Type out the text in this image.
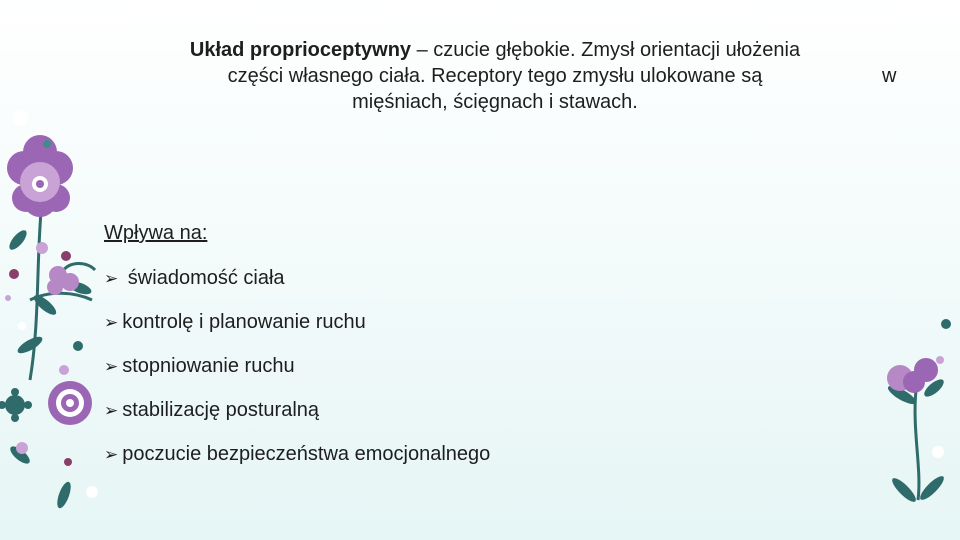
Układ proprioceptywny – czucie głębokie. Zmysł orientacji ułożenia
części własnego ciała. Receptory tego zmysłu ulokowane są	w
mięśniach, ścięgnach i stawach.
Wpływa na:
➢ świadomość ciała
➢ kontrolę i planowanie ruchu
➢ stopniowanie ruchu
➢ stabilizację posturalną
➢ poczucie bezpieczeństwa emocjonalnego
